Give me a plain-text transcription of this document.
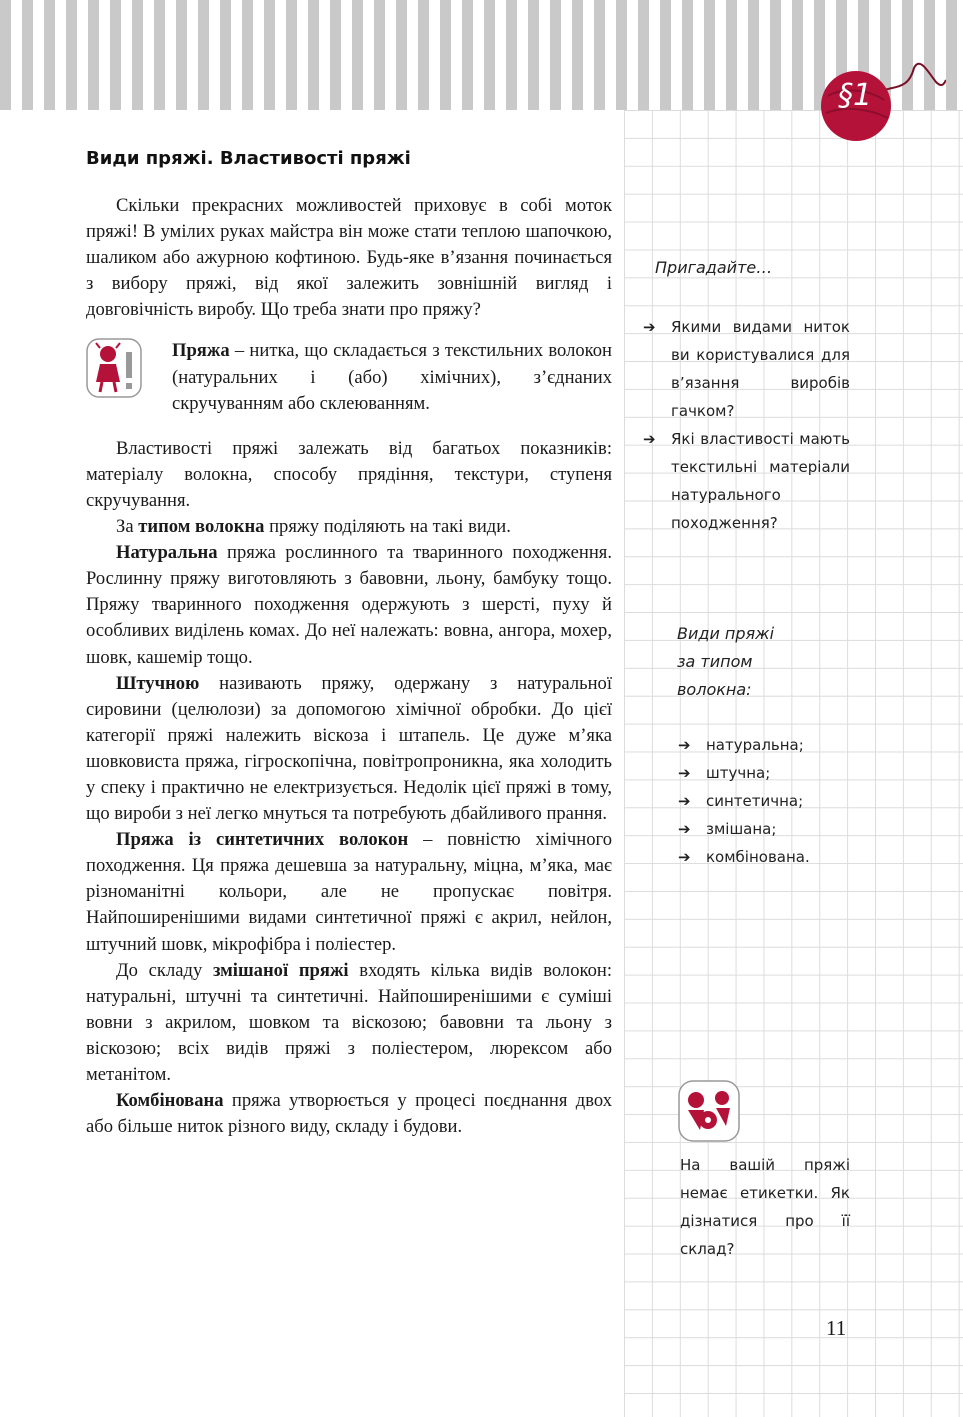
§1
Види пряжі. Властивості пряжі

Скільки прекрасних можливостей приховує в собі моток пряжі! В умілих руках майстра він може стати теплою шапочкою, шаликом або ажурною кофтиною. Будь-яке в’язання починається з вибору пряжі, від якої залежить зовнішній вигляд і довговічність виробу. Що треба знати про пряжу?

Пряжа – нитка, що складається з текстильних волокон (натуральних і (або) хімічних), з’єднаних скручуванням або склеюванням.

Властивості пряжі залежать від багатьох показників: матеріалу волокна, способу прядіння, текстури, ступеня скручування.

За типом волокна пряжу поділяють на такі види.

Натуральна пряжа рослинного та тваринного походження. Рослинну пряжу виготовляють з бавовни, льону, бамбуку тощо. Пряжу тваринного походження одержують з шерсті, пуху й особливих виділень комах. До неї належать: вовна, ангора, мохер, шовк, кашемір тощо.

Штучною називають пряжу, одержану з натуральної сировини (целюлози) за допомогою хімічної обробки. До цієї категорії пряжі належить віскоза і штапель. Це дуже м’яка шовковиста пряжа, гігроскопічна, повітропроникна, яка холодить у спеку і практично не електризується. Недолік цієї пряжі в тому, що вироби з неї легко мнуться та потребують дбайливого прання.

Пряжа із синтетичних волокон – повністю хімічного походження. Ця пряжа дешевша за натуральну, міцна, м’яка, має різноманітні кольори, але не пропускає повітря. Найпоширенішими видами синтетичної пряжі є акрил, нейлон, штучний шовк, мікрофібра і поліестер.

До складу змішаної пряжі входять кілька видів волокон: натуральні, штучні та синтетичні. Найпоширенішими є суміші вовни з акрилом, шовком та віскозою; бавовни та льону з віскозою; всіх видів пряжі з поліестером, люрексом або метанітом.

Комбінована пряжа утворюється у процесі поєднання двох або більше ниток різного виду, складу і будови.

Пригадайте…
➔	Якими видами ниток ви користувалися для в’язання виробів гачком?
➔	Які властивості мають текстильні матеріали натурального походження?
Види пряжі
за типом
волокна:
➔ натуральна;
➔ штучна;
➔ синтетична;
➔ змішана;
➔ комбінована.
На вашій пряжі немає етикетки. Як дізнатися про її склад?
11
